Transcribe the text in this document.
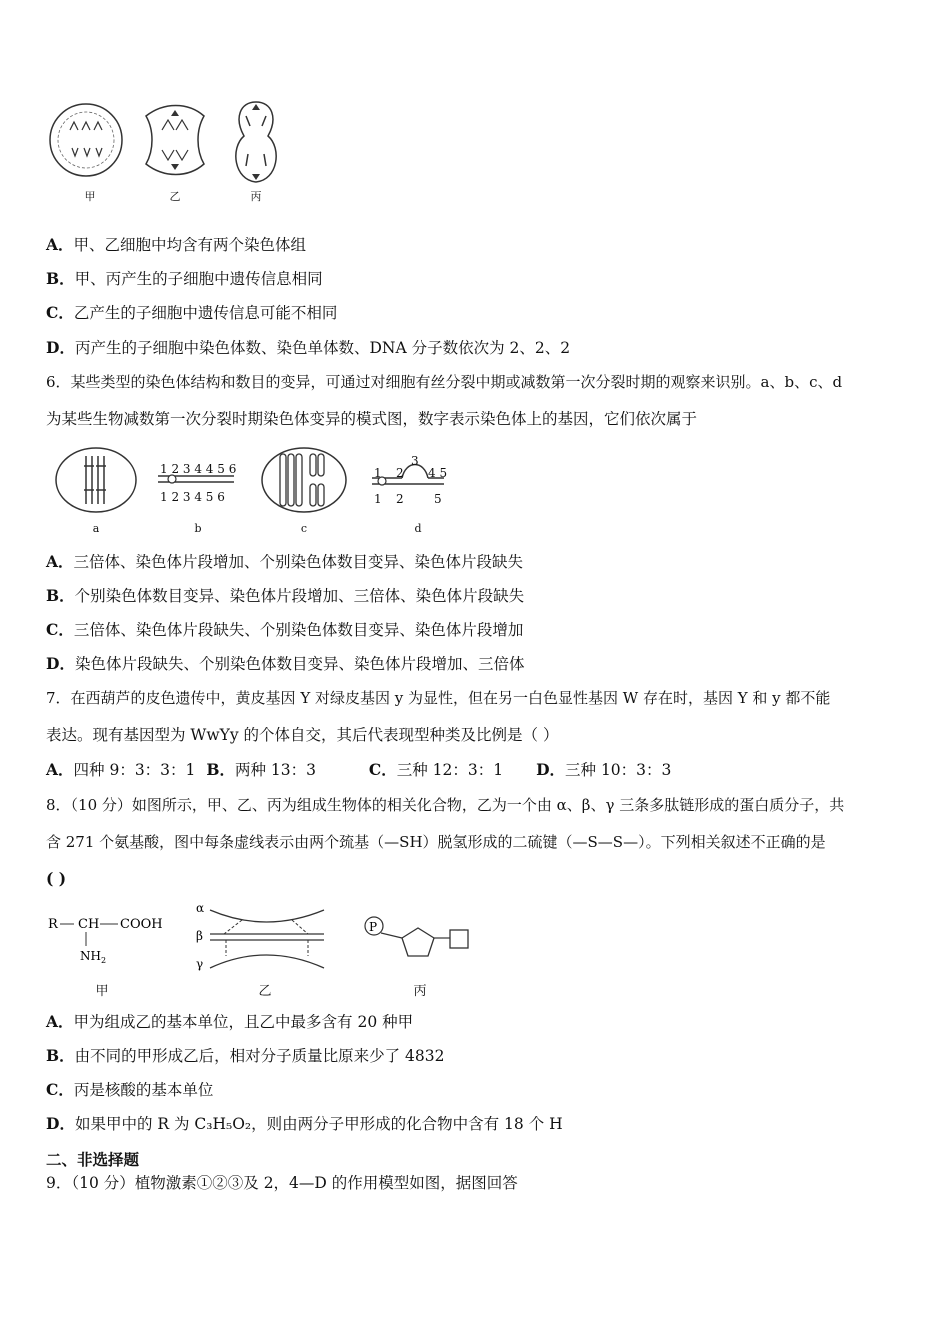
甲	乙	丙
A．甲、乙细胞中均含有两个染色体组
B．甲、丙产生的子细胞中遗传信息相同
C．乙产生的子细胞中遗传信息可能不相同
D．丙产生的子细胞中染色体数、染色单体数、DNA 分子数依次为 2、2、2
6．某些类型的染色体结构和数目的变异，可通过对细胞有丝分裂中期或减数第一次分裂时期的观察来识别。a、b、c、d
为某些生物减数第一次分裂时期染色体变异的模式图，数字表示染色体上的基因，它们依次属于
1 2 3 4 4 5 6
1 2 3 4 5 6
1 2
3
4 5
1 2	5
a	b	c	d
A．三倍体、染色体片段增加、个别染色体数目变异、染色体片段缺失
B．个别染色体数目变异、染色体片段增加、三倍体、染色体片段缺失
C．三倍体、染色体片段缺失、个别染色体数目变异、染色体片段增加
D．染色体片段缺失、个别染色体数目变异、染色体片段增加、三倍体
7．在西葫芦的皮色遗传中，黄皮基因 Y 对绿皮基因 y 为显性，但在另一白色显性基因 W 存在时，基因 Y 和 y 都不能
表达。现有基因型为 WwYy 的个体自交，其后代表现型种类及比例是（ ）
A．四种 9：3：3：1 B．两种 13：3	C．三种 12：3：1 D．三种 10：3：3
8．（10 分）如图所示，甲、乙、丙为组成生物体的相关化合物，乙为一个由 α、β、γ 三条多肽链形成的蛋白质分子，共
含 271 个氨基酸，图中每条虚线表示由两个巯基（—SH）脱氢形成的二硫键（—S—S—）。下列相关叙述不正确的是
( )
R CH COOH
$NH_2$
α
β
γ
P
甲	乙	丙
A．甲为组成乙的基本单位，且乙中最多含有 20 种甲
B．由不同的甲形成乙后，相对分子质量比原来少了 4832
C．丙是核酸的基本单位
D．如果甲中的 R 为 C₃H₅O₂，则由两分子甲形成的化合物中含有 18 个 H
二、非选择题
9．（10 分）植物激素①②③及 2，4—D 的作用模型如图，据图回答
